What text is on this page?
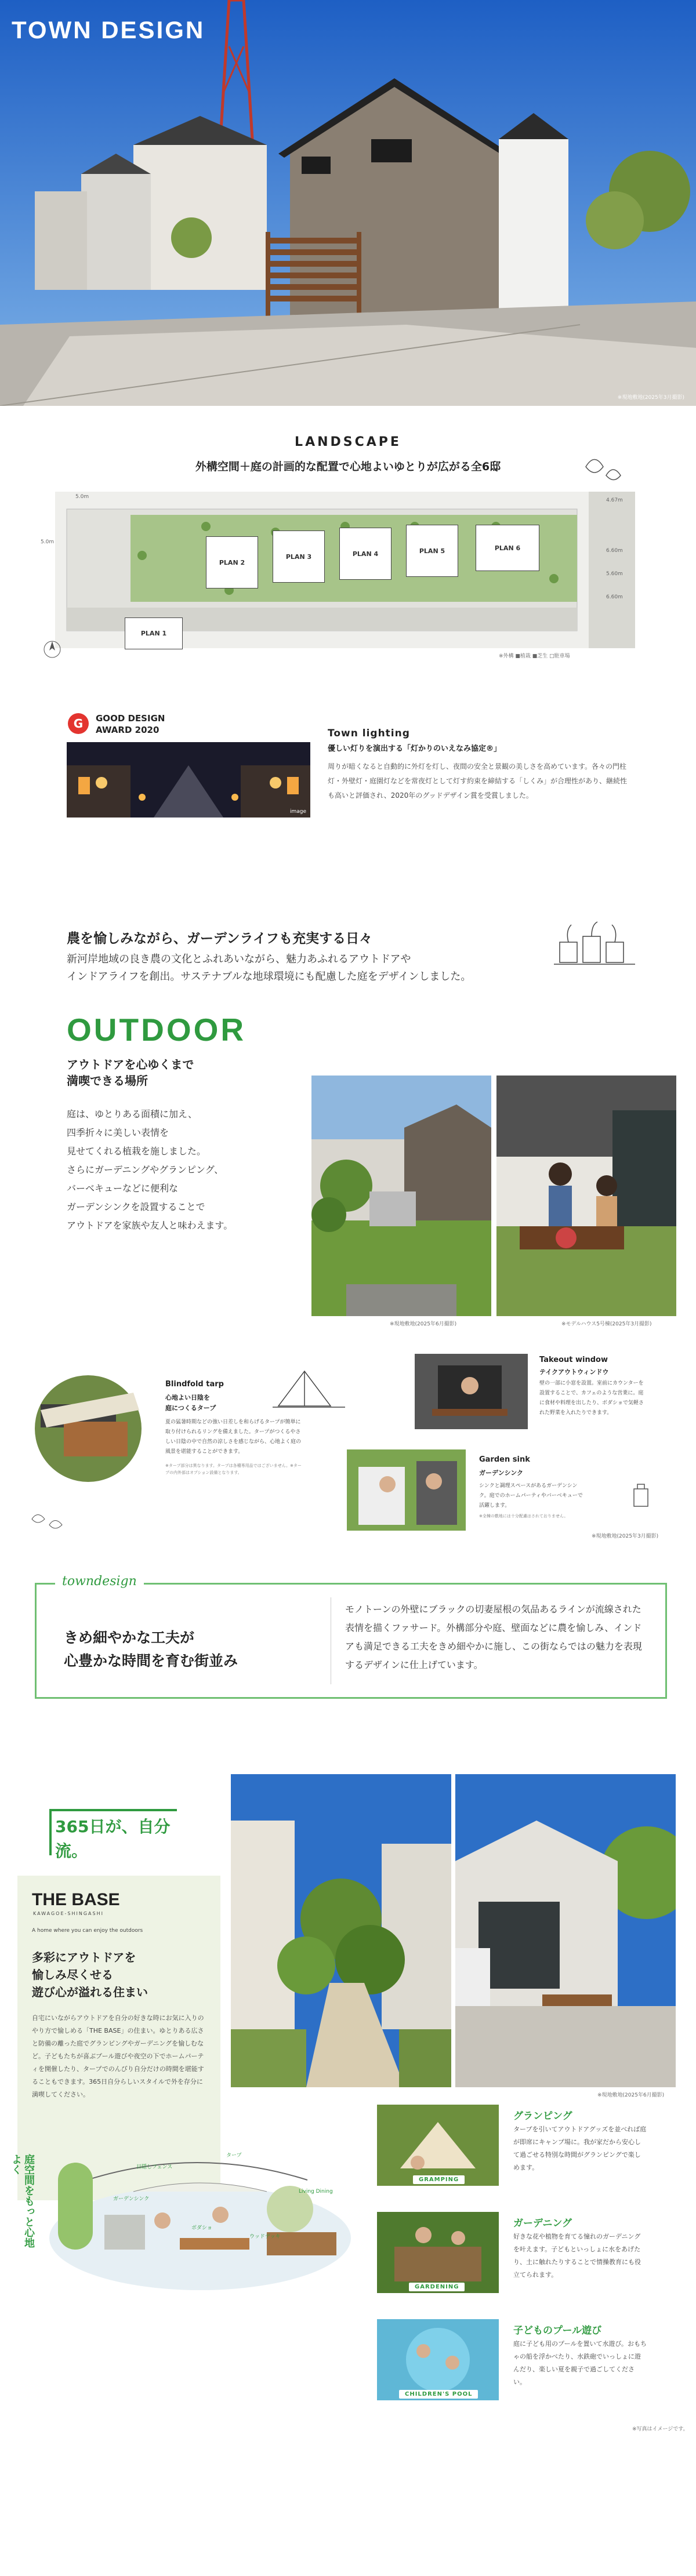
TOWN DESIGN
※現地敷地(2025年3月撮影)
LANDSCAPE
外構空間＋庭の計画的な配置で心地よいゆとりが広がる全6邸
PLAN 1
PLAN 2
PLAN 3	PLAN 4	PLAN 5	PLAN 6
5.0m
4.67m
6.60m
5.60m
6.60m
5.0m
※外構 ■植栽 ■芝生 □駐車場
G GOOD DESIGN
AWARD 2020
image
Town lighting
優しい灯りを演出する「灯かりのいえなみ協定®」
周りが暗くなると自動的に外灯を灯し、夜間の安全と景観の美しさを高めています。各々の門柱灯・外壁灯・庭園灯などを常夜灯として灯す約束を締結する「しくみ」が合理性があり、継続性も高いと評価され、2020年のグッドデザイン賞を受賞しました。
農を愉しみながら、ガーデンライフも充実する日々
新河岸地域の良き農の文化とふれあいながら、魅力あふれるアウトドアや
インドアライフを創出。サステナブルな地球環境にも配慮した庭をデザインしました。
OUTDOOR
アウトドアを心ゆくまで
満喫できる場所
庭は、ゆとりある面積に加え、
四季折々に美しい表情を
見せてくれる植栽を施しました。
さらにガーデニングやグランピング、
バーベキューなどに便利な
ガーデンシンクを設置することで
アウトドアを家族や友人と味わえます。
※現地敷地(2025年6月撮影)	※モデルハウス5号棟(2025年3月撮影)
Takeout window
テイクアウトウィンドウ
壁の一部に小窓を設置。室前にカウンターを設置することで、カフェのような営業に。庭に食材や料理を出したり、ボダショで気軽された野菜を入れたりできます。
Blindfold tarp
心地よい日陰を
庭につくるタープ
夏の猛暑時期などの強い日差しを和らげるタープが簡単に取り付けられるリングを備えました。タープがつくるやさしい日陰の中で自然の涼しさを感じながら、心地よく庭の風景を堪能することができます。
※タープ部分は異なります。タープは各種専用品ではございません。※タープの内外部はオプション設備となります。
Garden sink
ガーデンシンク
シンクと調理スペースがあるガーデンシンク。庭でのホームパーティやバーベキューで活躍します。
※全棟の敷地には十分配慮はされておりません。
※現地敷地(2025年3月撮影)
towndesign
きめ細やかな工夫が
心豊かな時間を育む街並み
モノトーンの外壁にブラックの切妻屋根の気品あるラインが流線された表情を描くファサード。外構部分や庭、壁面などに農を愉しみ、インドアも満足できる工夫をきめ細やかに施し、この街ならではの魅力を表現するデザインに仕上げています。
365日が、自分流。
THE BASE
KAWAGOE-SHINGASHI
A home where you can enjoy the outdoors
多彩にアウトドアを
愉しみ尽くせる
遊び心が溢れる住まい
自宅にいながらアウトドアを自分の好きな時にお気に入りのやり方で愉しめる「THE BASE」の住まい。ゆとりある広さと防備の離った庭でグランピングやガーデニングを愉しむなど。子どもたちが喜ぶプール遊びや夜空の下でホームパーティを開催したり、タープでのんびり自分だけの時間を堪能することもできます。365日自分らしいスタイルで外を存分に満喫してください。	※現地敷地(2025年6月撮影)
庭空間をもっと心地よく	目隠しフェンス
タープ
ガーデンシンク
Living Dining
ボダショ
ウッドデッキ
GRAMPING
グランピング
タープを引いてアウトドアグッズを並べれば庭が即席にキャンプ場に。我が家だから安心して過ごせる特別な時間がグランピングで楽しめます。
GARDENING
ガーデニング
好きな花や植物を育てる憧れのガーデニングを叶えます。子どもといっしょに水をあげたり、土に触れたりすることで情操教育にも役立てられます。
CHILDREN'S POOL
子どものプール遊び
庭に子ども用のプールを置いて水遊び。おもちゃの船を浮かべたり、水鉄砲でいっしょに遊んだり、楽しい夏を親子で過ごしてください。
※写真はイメージです。
